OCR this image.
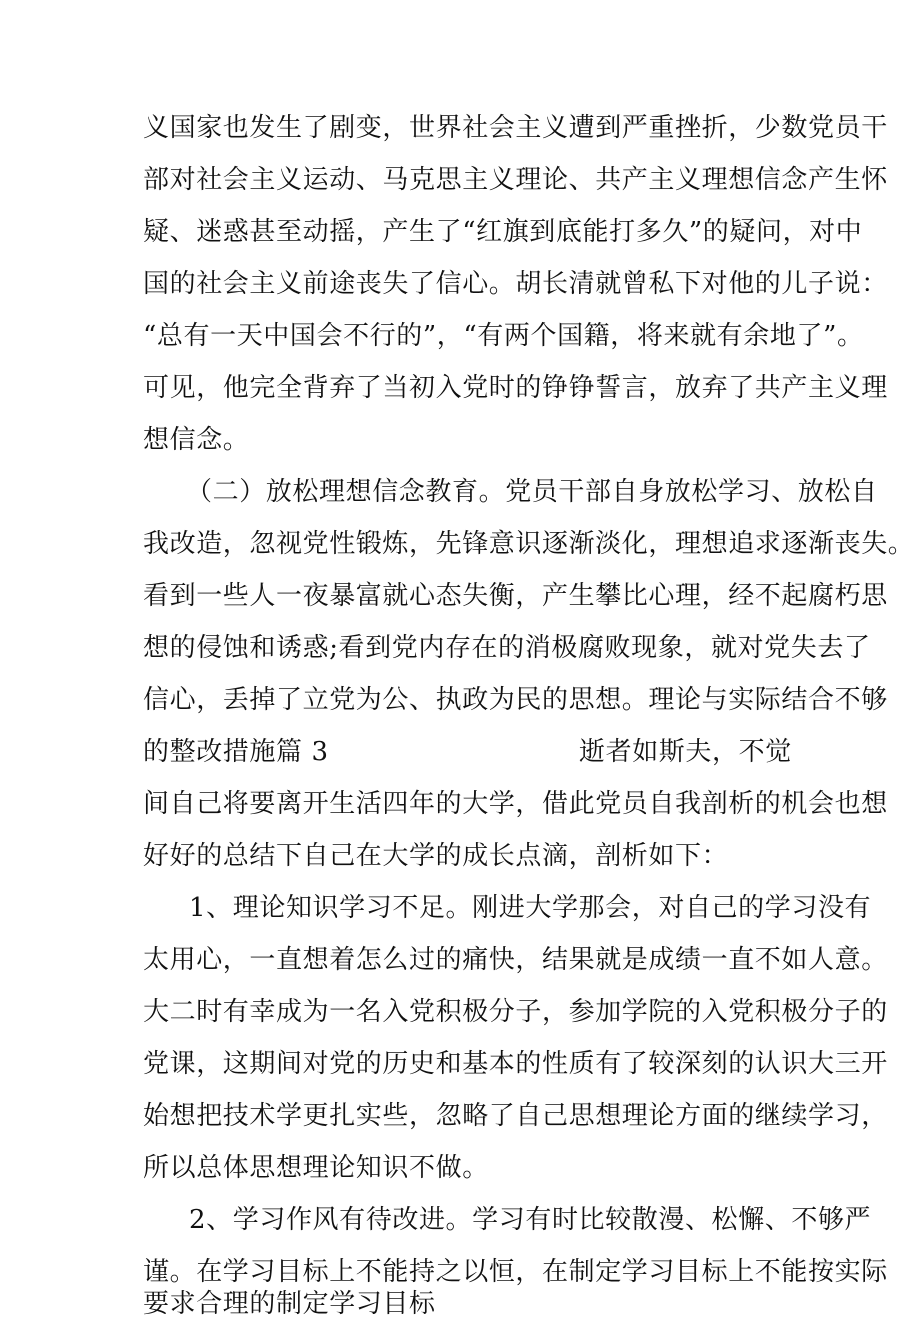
义国家也发生了剧变，世界社会主义遭到严重挫折，少数党员干
部对社会主义运动、马克思主义理论、共产主义理想信念产生怀
疑、迷惑甚至动摇，产生了“红旗到底能打多久”的疑问，对中
国的社会主义前途丧失了信心。胡长清就曾私下对他的儿子说：
“总有一天中国会不行的”，“有两个国籍，将来就有余地了”。
可见，他完全背弃了当初入党时的铮铮誓言，放弃了共产主义理
想信念。
（二）放松理想信念教育。党员干部自身放松学习、放松自
我改造，忽视党性锻炼，先锋意识逐渐淡化，理想追求逐渐丧失。
看到一些人一夜暴富就心态失衡，产生攀比心理，经不起腐朽思
想的侵蚀和诱惑;看到党内存在的消极腐败现象，就对党失去了
信心，丢掉了立党为公、执政为民的思想。理论与实际结合不够
的整改措施篇 3	逝者如斯夫，不觉
间自己将要离开生活四年的大学，借此党员自我剖析的机会也想
好好的总结下自己在大学的成长点滴，剖析如下：
1、理论知识学习不足。刚进大学那会，对自己的学习没有
太用心，一直想着怎么过的痛快，结果就是成绩一直不如人意。
大二时有幸成为一名入党积极分子，参加学院的入党积极分子的
党课，这期间对党的历史和基本的性质有了较深刻的认识大三开
始想把技术学更扎实些，忽略了自己思想理论方面的继续学习，
所以总体思想理论知识不做。
2、学习作风有待改进。学习有时比较散漫、松懈、不够严
谨。在学习目标上不能持之以恒，在制定学习目标上不能按实际
要求合理的制定学习目标
